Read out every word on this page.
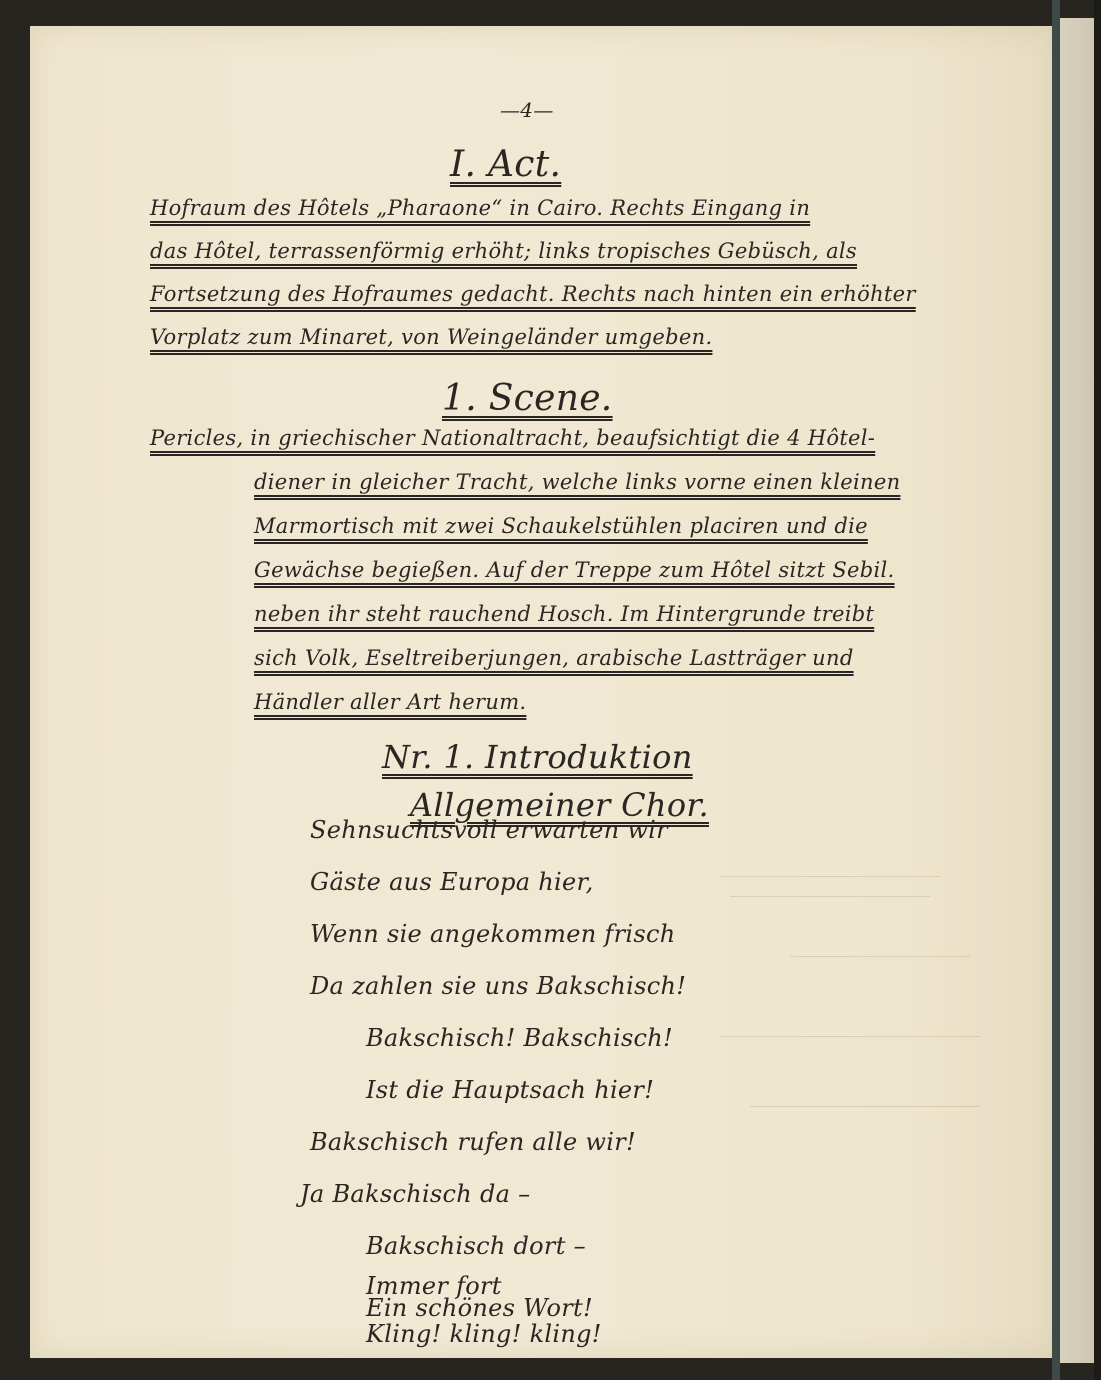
—4—
I. Act.
Hofraum des Hôtels „Pharaone“ in Cairo. Rechts Eingang in
das Hôtel, terrassenförmig erhöht; links tropisches Gebüsch, als
Fortsetzung des Hofraumes gedacht. Rechts nach hinten ein erhöhter
Vorplatz zum Minaret, von Weingeländer umgeben.
1. Scene.
Pericles, in griechischer Nationaltracht, beaufsichtigt die 4 Hôtel-
diener in gleicher Tracht, welche links vorne einen kleinen
Marmortisch mit zwei Schaukelstühlen placiren und die
Gewächse begießen. Auf der Treppe zum Hôtel sitzt Sebil.
neben ihr steht rauchend Hosch. Im Hintergrunde treibt
sich Volk, Eseltreiberjungen, arabische Lastträger und
Händler aller Art herum.
Nr. 1. Introduktion
Allgemeiner Chor.
Sehnsuchtsvoll erwarten wir
Gäste aus Europa hier,
Wenn sie angekommen frisch
Da zahlen sie uns Bakschisch!
Bakschisch! Bakschisch!
Ist die Hauptsach hier!
Bakschisch rufen alle wir!
Ja Bakschisch da –
Bakschisch dort –
Immer fort
Ein schönes Wort!
Kling! kling! kling!
